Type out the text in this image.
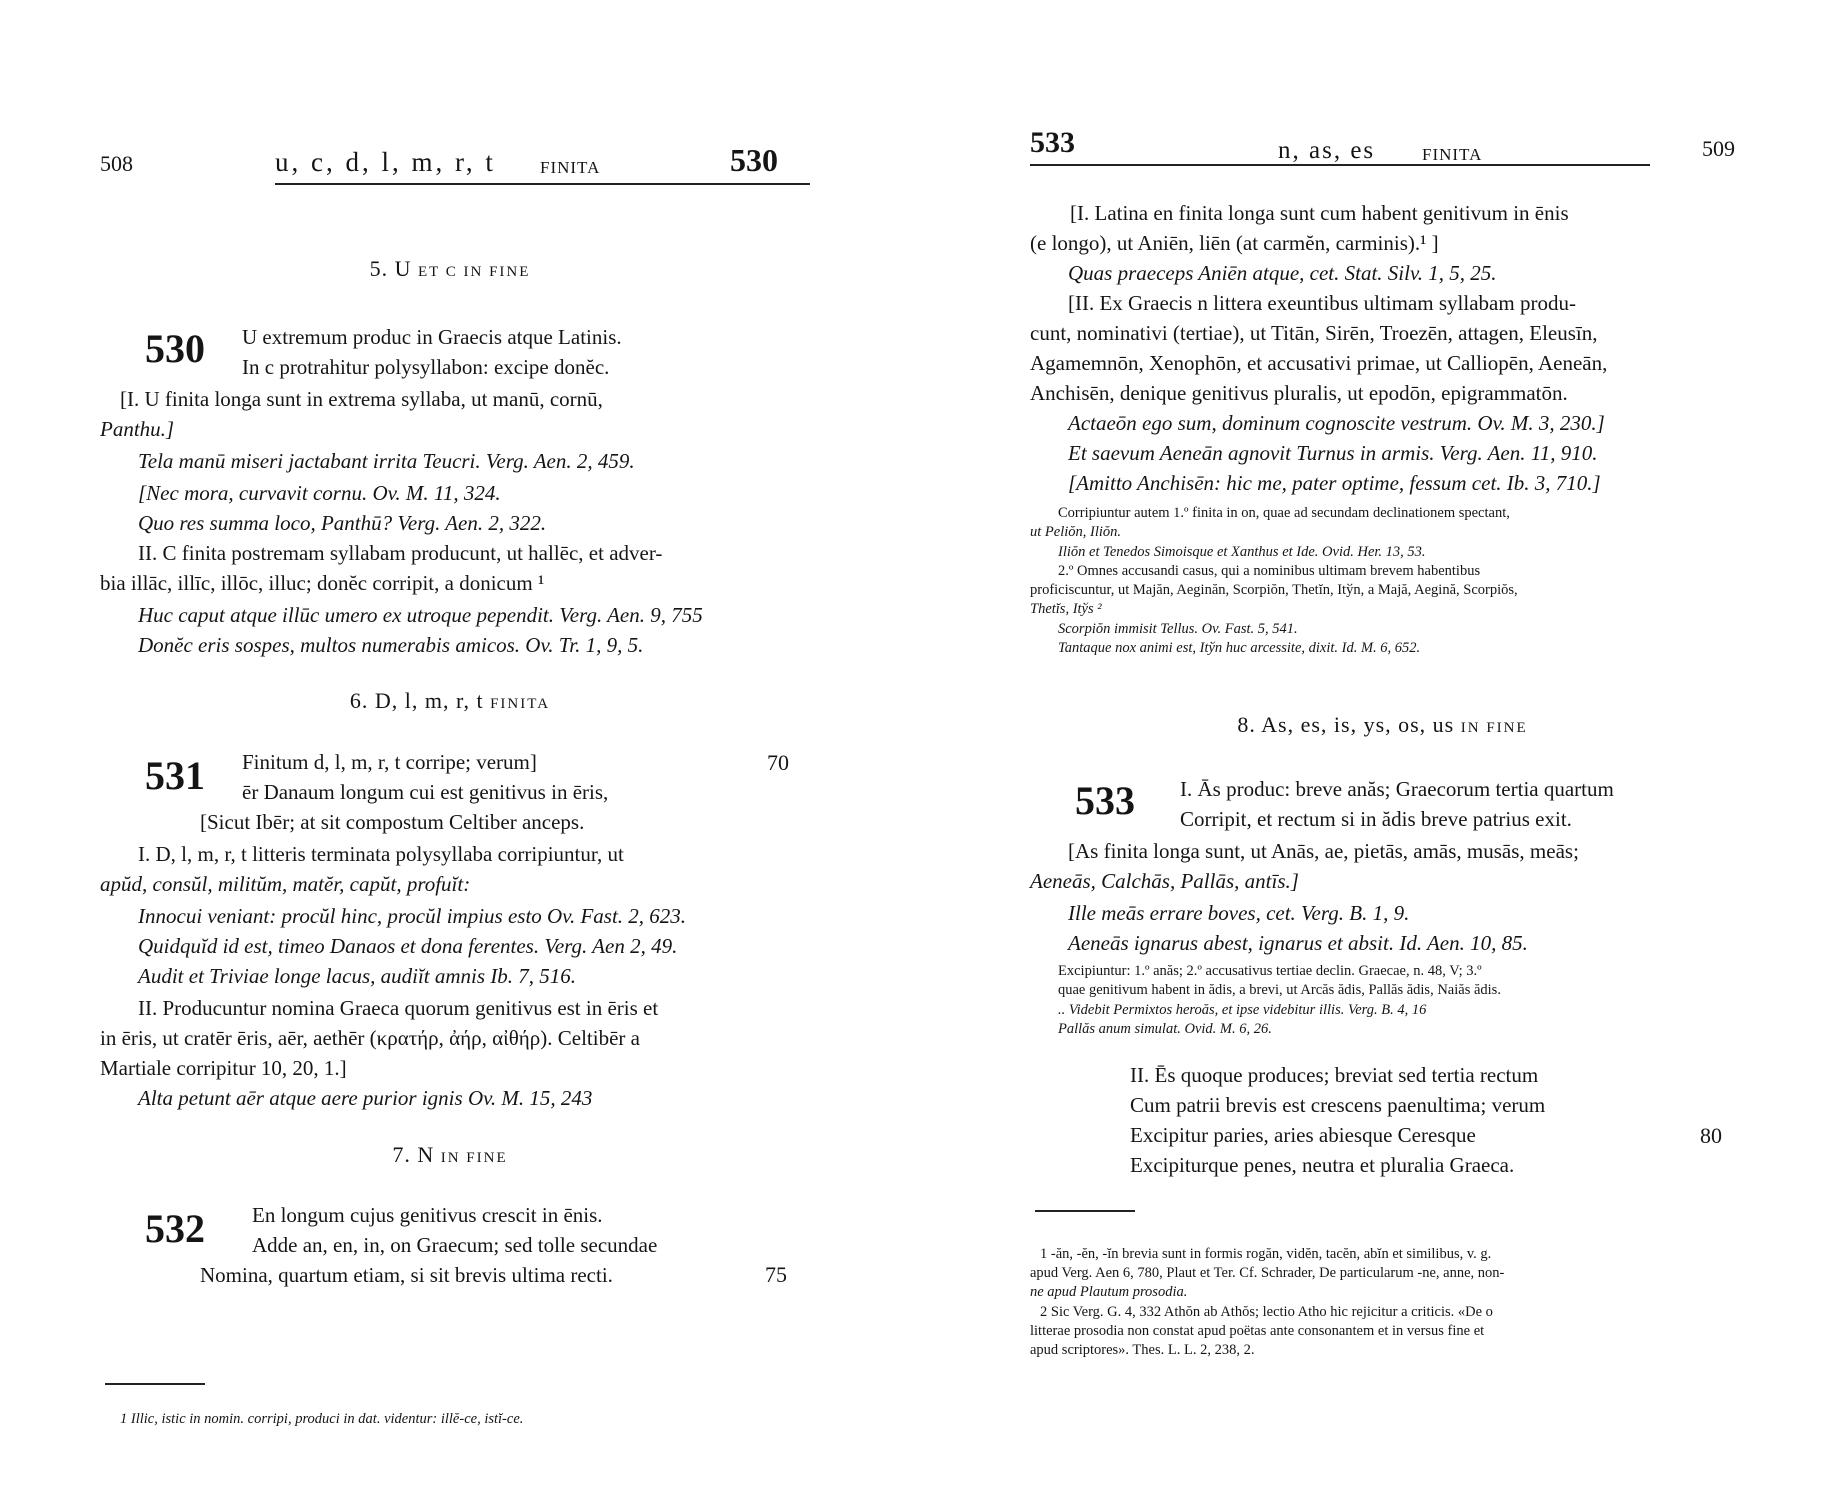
508	u, c, d, l, m, r, t	FINITA	530
5. U ET C IN FINE
530 U extremum produc in Graecis atque Latinis.
In c protrahitur polysyllabon: excipe donĕc.
[I. U finita longa sunt in extrema syllaba, ut manū, cornū,
Panthu.]
Tela manū miseri jactabant irrita Teucri. Verg. Aen. 2, 459.
[Nec mora, curvavit cornu. Ov. M. 11, 324.
Quo res summa loco, Panthū? Verg. Aen. 2, 322.
II. C finita postremam syllabam producunt, ut hallēc, et adver-
bia illāc, illīc, illōc, illuc; donĕc corripit, a donicum ¹
Huc caput atque illūc umero ex utroque pependit. Verg. Aen. 9, 755
Donĕc eris sospes, multos numerabis amicos. Ov. Tr. 1, 9, 5.
6. D, l, m, r, t FINITA
531	70
Finitum d, l, m, r, t corripe; verum]
ēr Danaum longum cui est genitivus in ēris,
[Sicut Ibēr; at sit compostum Celtiber anceps.
I. D, l, m, r, t litteris terminata polysyllaba corripiuntur, ut
apŭd, consŭl, militŭm, matĕr, capŭt, profuĭt:
Innocui veniant: procŭl hinc, procŭl impius esto Ov. Fast. 2, 623.
Quidquĭd id est, timeo Danaos et dona ferentes. Verg. Aen 2, 49.
Audit et Triviae longe lacus, audiĭt amnis Ib. 7, 516.
II. Producuntur nomina Graeca quorum genitivus est in ēris et
in ēris, ut cratēr ēris, aēr, aethēr (κρατήρ, ἀήρ, αἰθήρ). Celtibēr a
Martiale corripitur 10, 20, 1.]
Alta petunt aēr atque aere purior ignis Ov. M. 15, 243
7. N IN FINE
532
75
En longum cujus genitivus crescit in ēnis.
Adde an, en, in, on Graecum; sed tolle secundae
Nomina, quartum etiam, si sit brevis ultima recti.
1 Illic, istic in nomin. corripi, produci in dat. videntur: illĕ-ce, istĭ-ce.
533	n, as, es	FINITA	509
[I. Latina en finita longa sunt cum habent genitivum in ēnis
(e longo), ut Aniēn, liēn (at carmĕn, carminis).¹ ]
Quas praeceps Aniēn atque, cet. Stat. Silv. 1, 5, 25.
[II. Ex Graecis n littera exeuntibus ultimam syllabam produ-
cunt, nominativi (tertiae), ut Titān, Sirēn, Troezēn, attagen, Eleusīn,
Agamemnōn, Xenophōn, et accusativi primae, ut Calliopēn, Aeneān,
Anchisēn, denique genitivus pluralis, ut epodōn, epigrammatōn.
Actaeōn ego sum, dominum cognoscite vestrum. Ov. M. 3, 230.]
Et saevum Aeneān agnovit Turnus in armis. Verg. Aen. 11, 910.
[Amitto Anchisēn: hic me, pater optime, fessum cet. Ib. 3, 710.]
Corripiuntur autem 1.º finita in on, quae ad secundam declinationem spectant,
ut Peliŏn, Iliŏn.
Iliŏn et Tenedos Simoisque et Xanthus et Ide. Ovid. Her. 13, 53.
2.º Omnes accusandi casus, qui a nominibus ultimam brevem habentibus
proficiscuntur, ut Majăn, Aeginăn, Scorpiŏn, Thetĭn, Itўn, a Majă, Aegină, Scorpiŏs,
Thetĭs, Itўs ²
Scorpiŏn immisit Tellus. Ov. Fast. 5, 541.
Tantaque nox animi est, Itўn huc arcessite, dixit. Id. M. 6, 652.
8. As, es, is, ys, os, us IN FINE
533 I. Ās produc: breve anăs; Graecorum tertia quartum
Corripit, et rectum si in ădis breve patrius exit.
[As finita longa sunt, ut Anās, ae, pietās, amās, musās, meās;
Aeneās, Calchās, Pallās, antīs.]
Ille meās errare boves, cet. Verg. B. 1, 9.
Aeneās ignarus abest, ignarus et absit. Id. Aen. 10, 85.
Excipiuntur: 1.º anăs; 2.º accusativus tertiae declin. Graecae, n. 48, V; 3.º
quae genitivum habent in ădis, a brevi, ut Arcăs ădis, Pallăs ădis, Naiăs ădis.
.. Videbit Permixtos heroăs, et ipse videbitur illis. Verg. B. 4, 16
Pallăs anum simulat. Ovid. M. 6, 26.
80
II. Ēs quoque produces; breviat sed tertia rectum
Cum patrii brevis est crescens paenultima; verum
Excipitur paries, aries abiesque Ceresque
Excipiturque penes, neutra et pluralia Graeca.
1 -ăn, -ĕn, -ĭn brevia sunt in formis rogăn, vidĕn, tacĕn, abĭn et similibus, v. g.
apud Verg. Aen 6, 780, Plaut et Ter. Cf. Schrader, De particularum -ne, anne, non-
ne apud Plautum prosodia.
2 Sic Verg. G. 4, 332 Athŏn ab Athŏs; lectio Atho hic rejicitur a criticis. «De o
litterae prosodia non constat apud poëtas ante consonantem et in versus fine et
apud scriptores». Thes. L. L. 2, 238, 2.
